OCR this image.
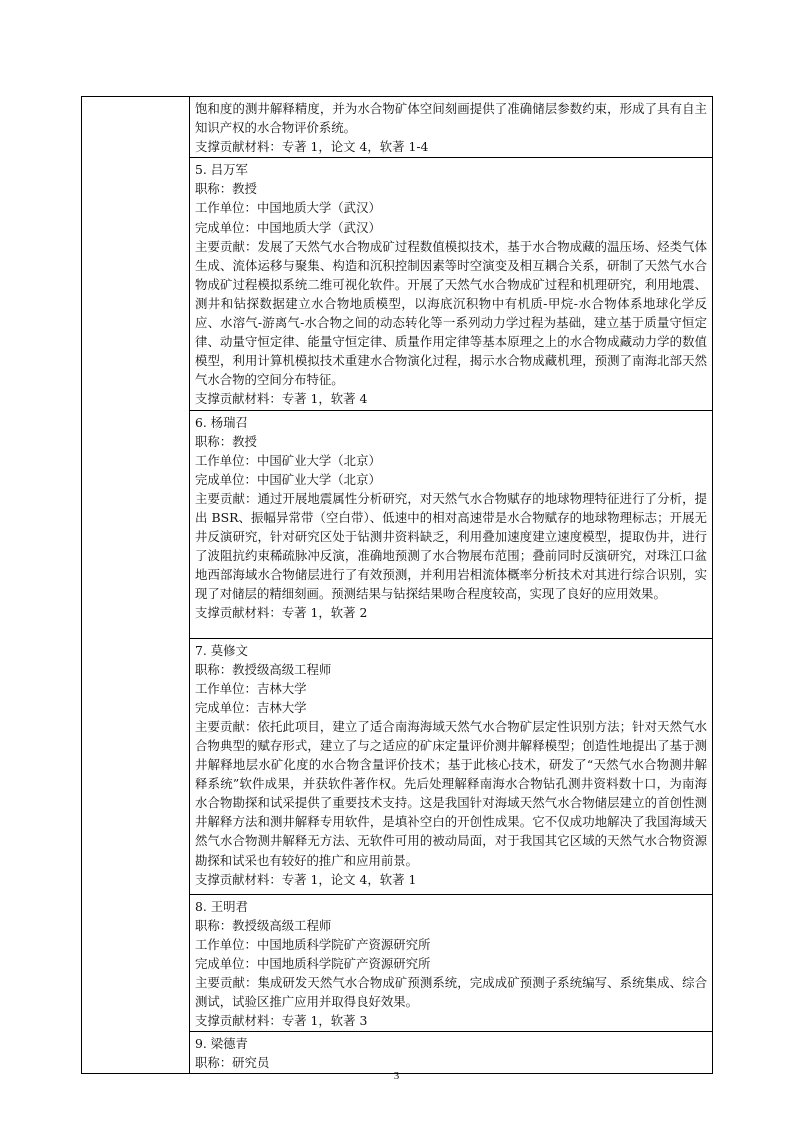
饱和度的测井解释精度，并为水合物矿体空间刻画提供了准确储层参数约束，形成了具有自主知识产权的水合物评价系统。

支撑贡献材料：专著 1，论文 4，软著 1-4

5. 吕万军

职称：教授

工作单位：中国地质大学（武汉）

完成单位：中国地质大学（武汉）

主要贡献：发展了天然气水合物成矿过程数值模拟技术，基于水合物成藏的温压场、烃类气体生成、流体运移与聚集、构造和沉积控制因素等时空演变及相互耦合关系，研制了天然气水合物成矿过程模拟系统二维可视化软件。开展了天然气水合物成矿过程和机理研究，利用地震、测井和钻探数据建立水合物地质模型，以海底沉积物中有机质-甲烷-水合物体系地球化学反应、水溶气-游离气-水合物之间的动态转化等一系列动力学过程为基础，建立基于质量守恒定律、动量守恒定律、能量守恒定律、质量作用定律等基本原理之上的水合物成藏动力学的数值模型，利用计算机模拟技术重建水合物演化过程，揭示水合物成藏机理，预测了南海北部天然气水合物的空间分布特征。

支撑贡献材料：专著 1，软著 4

6. 杨瑞召

职称：教授

工作单位：中国矿业大学（北京）

完成单位：中国矿业大学（北京）

主要贡献：通过开展地震属性分析研究，对天然气水合物赋存的地球物理特征进行了分析，提出 BSR、振幅异常带（空白带）、低速中的相对高速带是水合物赋存的地球物理标志；开展无井反演研究，针对研究区处于钻测井资料缺乏，利用叠加速度建立速度模型，提取伪井，进行了波阻抗约束稀疏脉冲反演，准确地预测了水合物展布范围；叠前同时反演研究，对珠江口盆地西部海域水合物储层进行了有效预测，并利用岩相流体概率分析技术对其进行综合识别，实现了对储层的精细刻画。预测结果与钻探结果吻合程度较高，实现了良好的应用效果。

支撑贡献材料：专著 1，软著 2

7. 莫修文

职称：教授级高级工程师

工作单位：吉林大学

完成单位：吉林大学

主要贡献：依托此项目，建立了适合南海海域天然气水合物矿层定性识别方法；针对天然气水合物典型的赋存形式，建立了与之适应的矿床定量评价测井解释模型；创造性地提出了基于测井解释地层水矿化度的水合物含量评价技术；基于此核心技术，研发了“天然气水合物测井解释系统”软件成果，并获软件著作权。先后处理解释南海水合物钻孔测井资料数十口，为南海水合物勘探和试采提供了重要技术支持。这是我国针对海域天然气水合物储层建立的首创性测井解释方法和测井解释专用软件，是填补空白的开创性成果。它不仅成功地解决了我国海域天然气水合物测井解释无方法、无软件可用的被动局面，对于我国其它区域的天然气水合物资源勘探和试采也有较好的推广和应用前景。

支撑贡献材料：专著 1，论文 4，软著 1

8. 王明君

职称：教授级高级工程师

工作单位：中国地质科学院矿产资源研究所

完成单位：中国地质科学院矿产资源研究所

主要贡献：集成研发天然气水合物成矿预测系统，完成成矿预测子系统编写、系统集成、综合测试，试验区推广应用并取得良好效果。

支撑贡献材料：专著 1，软著 3

9. 梁德青

职称：研究员

3
